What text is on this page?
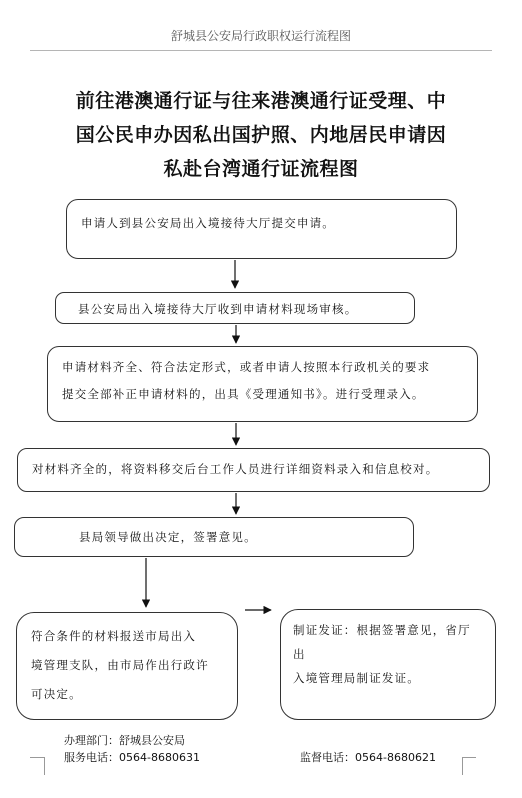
舒城县公安局行政职权运行流程图
前往港澳通行证与往来港澳通行证受理、中
国公民申办因私出国护照、内地居民申请因
私赴台湾通行证流程图
申请人到县公安局出入境接待大厅提交申请。
县公安局出入境接待大厅收到申请材料现场审核。
申请材料齐全、符合法定形式，或者申请人按照本行政机关的要求
提交全部补正申请材料的，出具《受理通知书》。进行受理录入。
对材料齐全的，将资料移交后台工作人员进行详细资料录入和信息校对。
县局领导做出决定，签署意见。
符合条件的材料报送市局出入
境管理支队，由市局作出行政许
可决定。
制证发证：根据签署意见，省厅出
入境管理局制证发证。
办理部门：舒城县公安局
服务电话：0564-8680631	监督电话：0564-8680621
